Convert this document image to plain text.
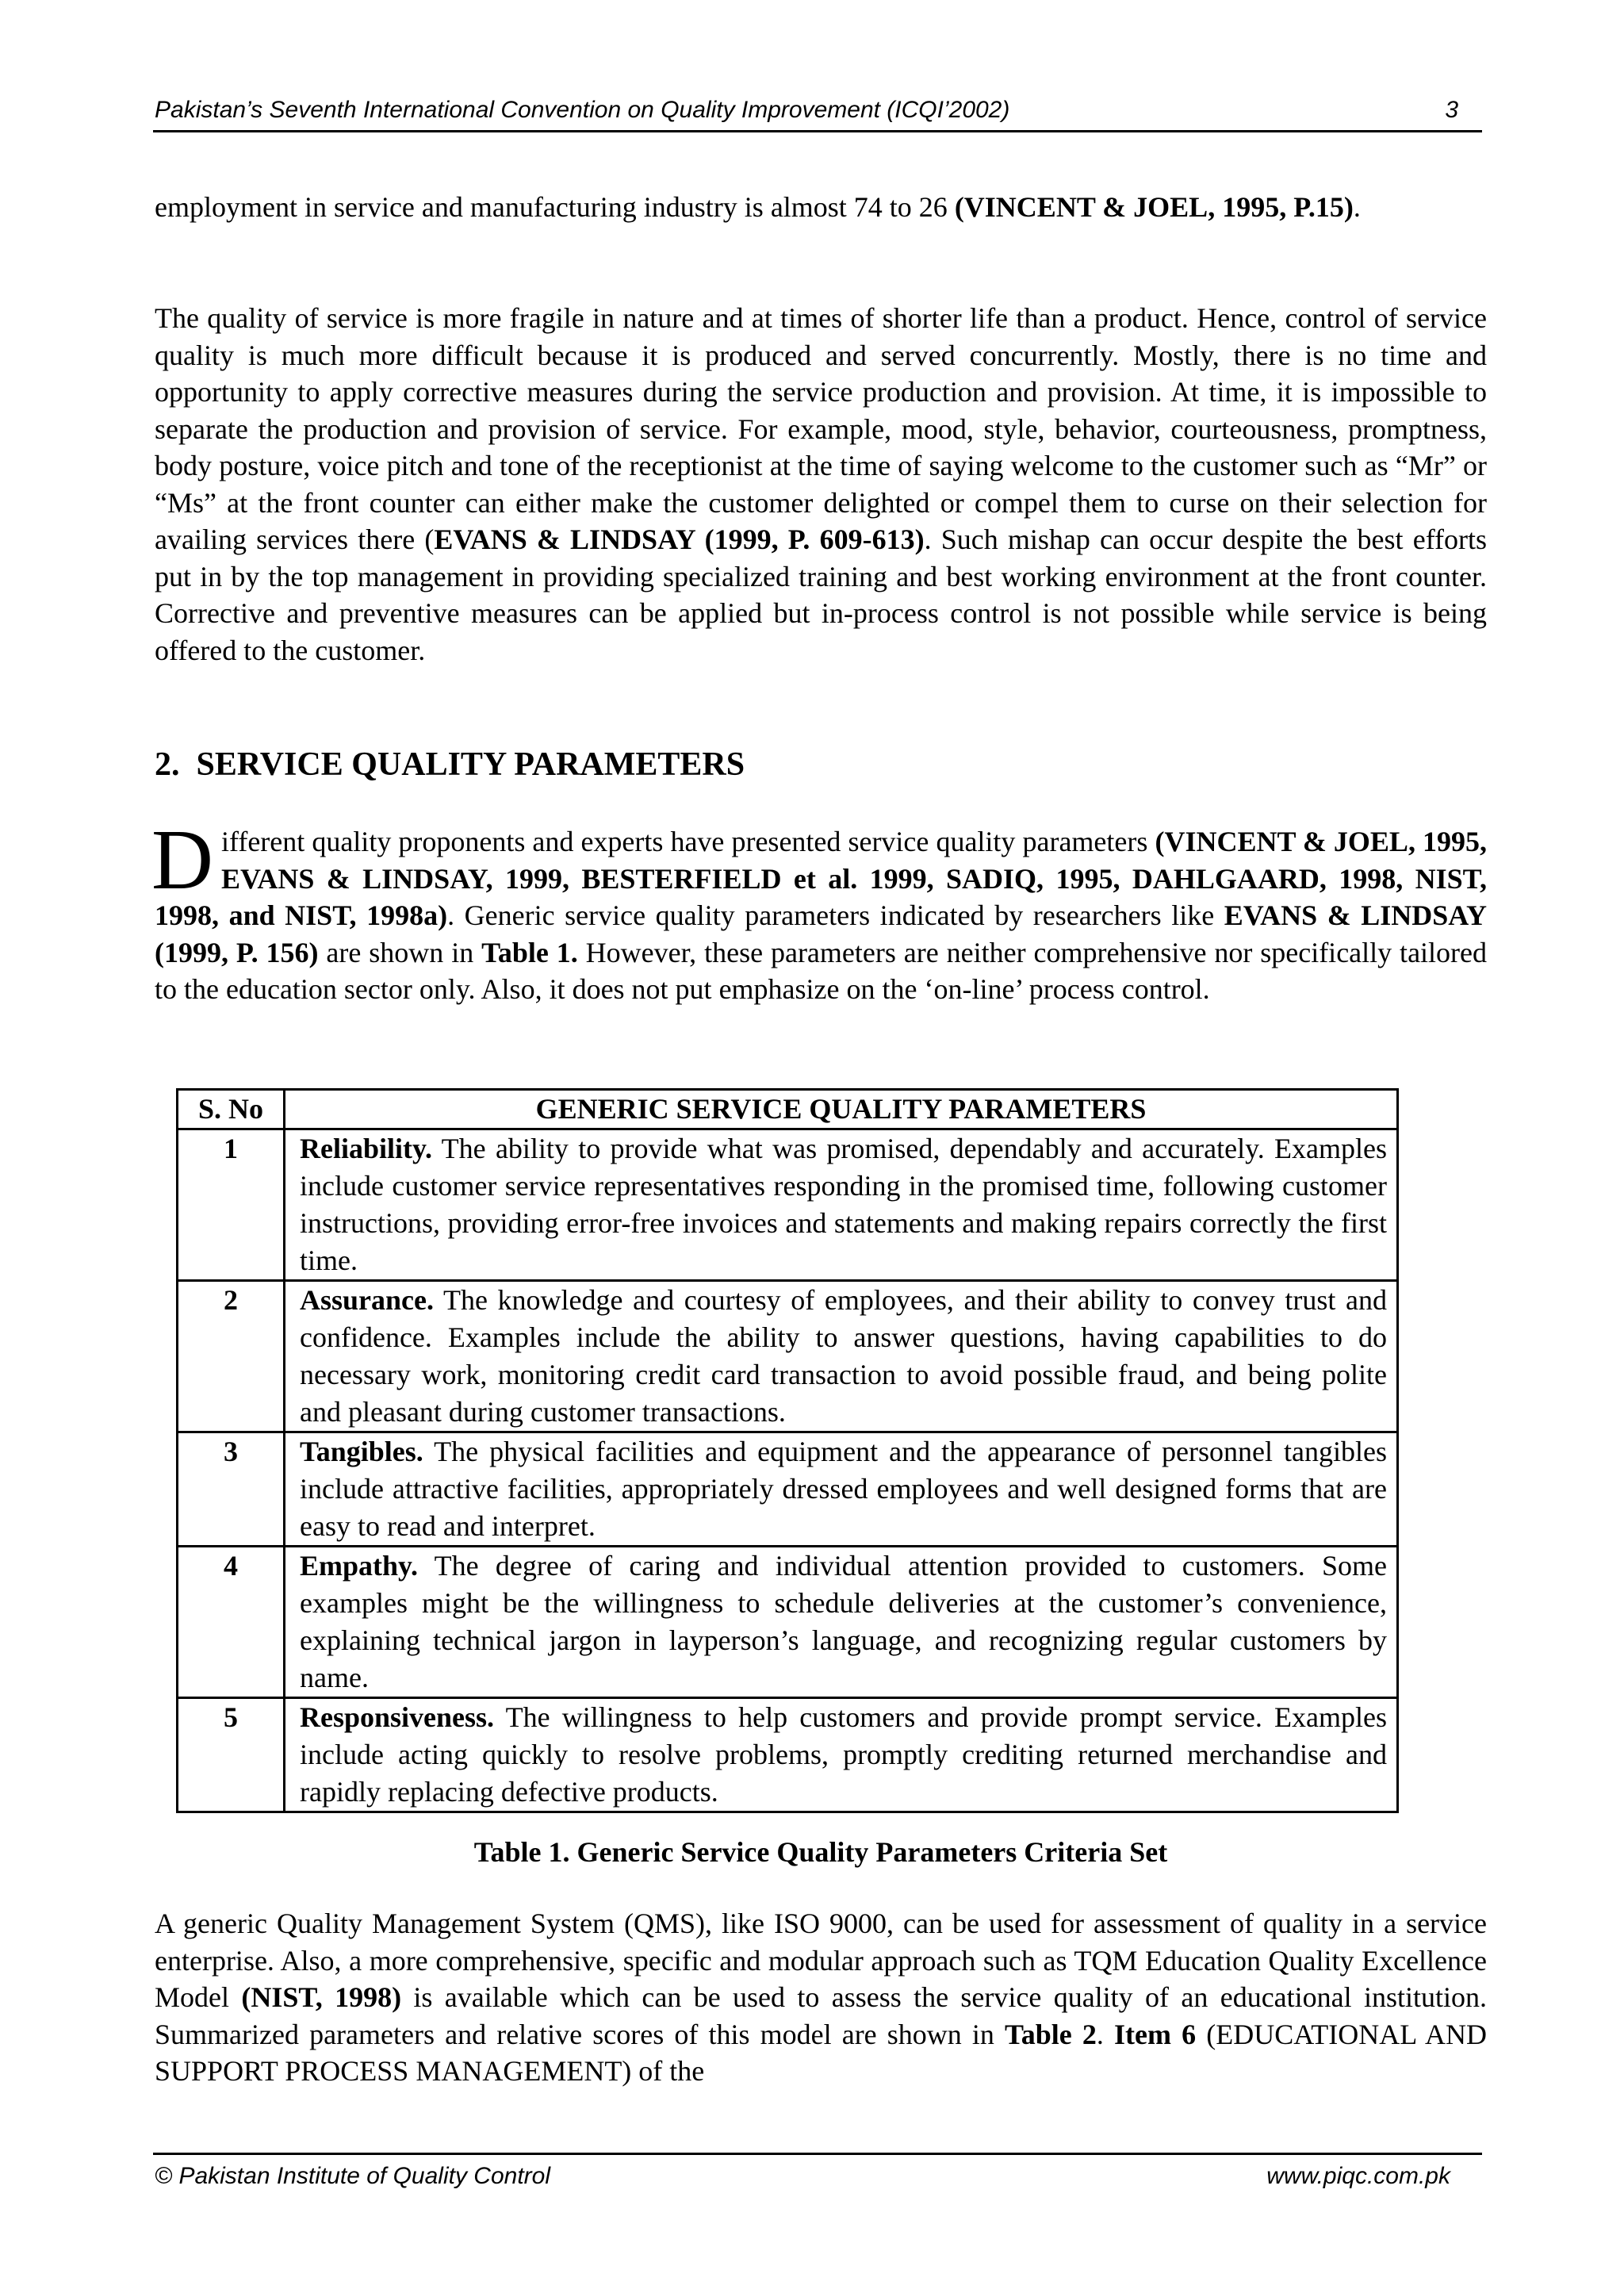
Pakistan’s Seventh International Convention on Quality Improvement (ICQI’2002)	3
employment in service and manufacturing industry is almost 74 to 26 (VINCENT & JOEL, 1995, P.15).
The quality of service is more fragile in nature and at times of shorter life than a product. Hence, control of service quality is much more difficult because it is produced and served concurrently. Mostly, there is no time and opportunity to apply corrective measures during the service production and provision. At time, it is impossible to separate the production and provision of service. For example, mood, style, behavior, courteousness, promptness, body posture, voice pitch and tone of the receptionist at the time of saying welcome to the customer such as “Mr” or “Ms” at the front counter can either make the customer delighted or compel them to curse on their selection for availing services there (EVANS & LINDSAY (1999, P. 609-613). Such mishap can occur despite the best efforts put in by the top management in providing specialized training and best working environment at the front counter. Corrective and preventive measures can be applied but in-process control is not possible while service is being offered to the customer.
2. SERVICE QUALITY PARAMETERS
Different quality proponents and experts have presented service quality parameters (VINCENT & JOEL, 1995, EVANS & LINDSAY, 1999, BESTERFIELD et al. 1999, SADIQ, 1995, DAHLGAARD, 1998, NIST, 1998, and NIST, 1998a). Generic service quality parameters indicated by researchers like EVANS & LINDSAY (1999, P. 156) are shown in Table 1. However, these parameters are neither comprehensive nor specifically tailored to the education sector only. Also, it does not put emphasize on the ‘on-line’ process control.
S. No	GENERIC SERVICE QUALITY PARAMETERS
1	Reliability. The ability to provide what was promised, dependably and accurately. Examples include customer service representatives responding in the promised time, following customer instructions, providing error-free invoices and statements and making repairs correctly the first time.
2	Assurance. The knowledge and courtesy of employees, and their ability to convey trust and confidence. Examples include the ability to answer questions, having capabilities to do necessary work, monitoring credit card transaction to avoid possible fraud, and being polite and pleasant during customer transactions.
3	Tangibles. The physical facilities and equipment and the appearance of personnel tangibles include attractive facilities, appropriately dressed employees and well designed forms that are easy to read and interpret.
4	Empathy. The degree of caring and individual attention provided to customers. Some examples might be the willingness to schedule deliveries at the customer’s convenience, explaining technical jargon in layperson’s language, and recognizing regular customers by name.
5	Responsiveness. The willingness to help customers and provide prompt service. Examples include acting quickly to resolve problems, promptly crediting returned merchandise and rapidly replacing defective products.
Table 1. Generic Service Quality Parameters Criteria Set
A generic Quality Management System (QMS), like ISO 9000, can be used for assessment of quality in a service enterprise. Also, a more comprehensive, specific and modular approach such as TQM Education Quality Excellence Model (NIST, 1998) is available which can be used to assess the service quality of an educational institution. Summarized parameters and relative scores of this model are shown in Table 2. Item 6 (EDUCATIONAL AND SUPPORT PROCESS MANAGEMENT) of the
© Pakistan Institute of Quality Control	www.piqc.com.pk
